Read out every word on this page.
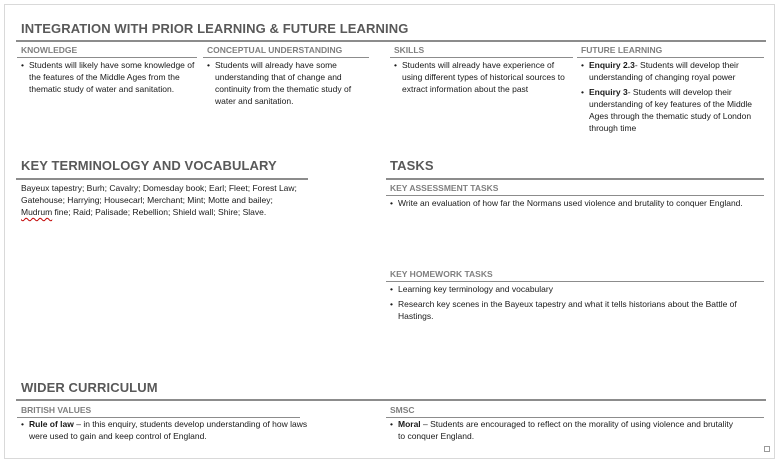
INTEGRATION WITH PRIOR LEARNING & FUTURE LEARNING
KNOWLEDGE
• Students will likely have some knowledge of the features of the Middle Ages from the thematic study of water and sanitation.
CONCEPTUAL UNDERSTANDING
• Students will already have some understanding that of change and continuity from the thematic study of water and sanitation.
SKILLS
• Students will already have experience of using different types of historical sources to extract information about the past
FUTURE LEARNING
• Enquiry 2.3- Students will develop their understanding of changing royal power
• Enquiry 3- Students will develop their understanding of key features of the Middle Ages through the thematic study of London through time
KEY TERMINOLOGY AND VOCABULARY
Bayeux tapestry; Burh; Cavalry; Domesday book; Earl; Fleet; Forest Law; Gatehouse; Harrying; Housecarl; Merchant; Mint; Motte and bailey; Mudrum fine; Raid; Palisade; Rebellion; Shield wall; Shire; Slave.
TASKS
KEY ASSESSMENT TASKS
• Write an evaluation of how far the Normans used violence and brutality to conquer England.
KEY HOMEWORK TASKS
• Learning key terminology and vocabulary
• Research key scenes in the Bayeux tapestry and what it tells historians about the Battle of Hastings.
WIDER CURRICULUM
BRITISH VALUES
• Rule of law – in this enquiry, students develop understanding of how laws were used to gain and keep control of England.
SMSC
• Moral – Students are encouraged to reflect on the morality of using violence and brutality to conquer England.
